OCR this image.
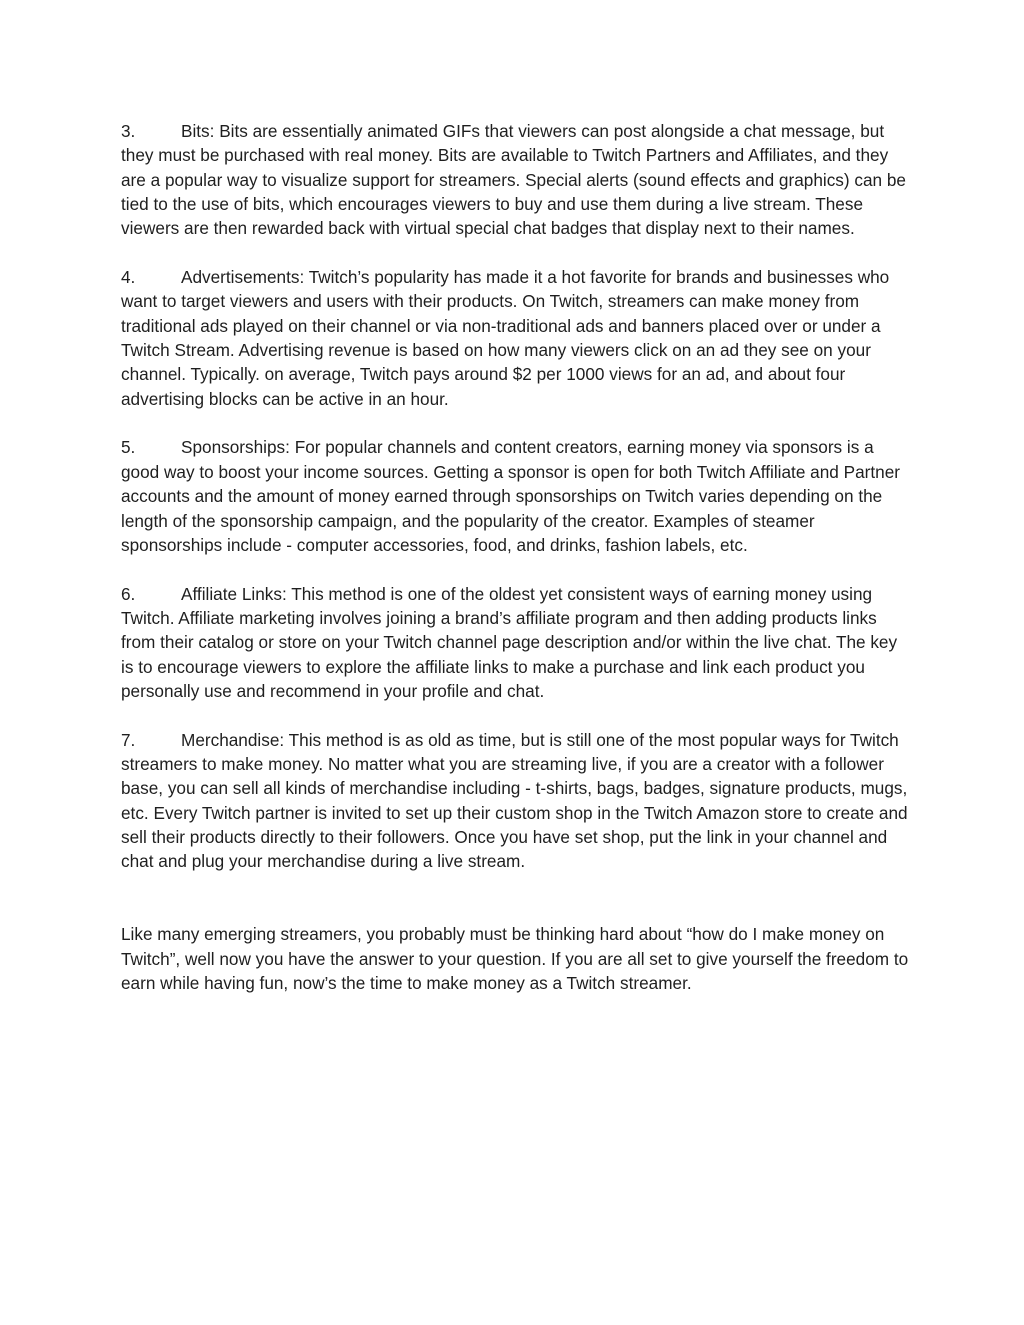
3.	Bits: Bits are essentially animated GIFs that viewers can post alongside a chat message, but they must be purchased with real money. Bits are available to Twitch Partners and Affiliates, and they are a popular way to visualize support for streamers. Special alerts (sound effects and graphics) can be tied to the use of bits, which encourages viewers to buy and use them during a live stream. These viewers are then rewarded back with virtual special chat badges that display next to their names.

4.	Advertisements: Twitch’s popularity has made it a hot favorite for brands and businesses who want to target viewers and users with their products. On Twitch, streamers can make money from traditional ads played on their channel or via non-traditional ads and banners placed over or under a Twitch Stream. Advertising revenue is based on how many viewers click on an ad they see on your channel. Typically. on average, Twitch pays around $2 per 1000 views for an ad, and about four advertising blocks can be active in an hour.

5.	Sponsorships: For popular channels and content creators, earning money via sponsors is a good way to boost your income sources. Getting a sponsor is open for both Twitch Affiliate and Partner accounts and the amount of money earned through sponsorships on Twitch varies depending on the length of the sponsorship campaign, and the popularity of the creator. Examples of steamer sponsorships include - computer accessories, food, and drinks, fashion labels, etc.

6.	Affiliate Links: This method is one of the oldest yet consistent ways of earning money using Twitch. Affiliate marketing involves joining a brand’s affiliate program and then adding products links from their catalog or store on your Twitch channel page description and/or within the live chat. The key is to encourage viewers to explore the affiliate links to make a purchase and link each product you personally use and recommend in your profile and chat.

7.	Merchandise: This method is as old as time, but is still one of the most popular ways for Twitch streamers to make money. No matter what you are streaming live, if you are a creator with a follower base, you can sell all kinds of merchandise including - t-shirts, bags, badges, signature products, mugs, etc. Every Twitch partner is invited to set up their custom shop in the Twitch Amazon store to create and sell their products directly to their followers. Once you have set shop, put the link in your channel and chat and plug your merchandise during a live stream.

Like many emerging streamers, you probably must be thinking hard about “how do I make money on Twitch”, well now you have the answer to your question. If you are all set to give yourself the freedom to earn while having fun, now’s the time to make money as a Twitch streamer.
